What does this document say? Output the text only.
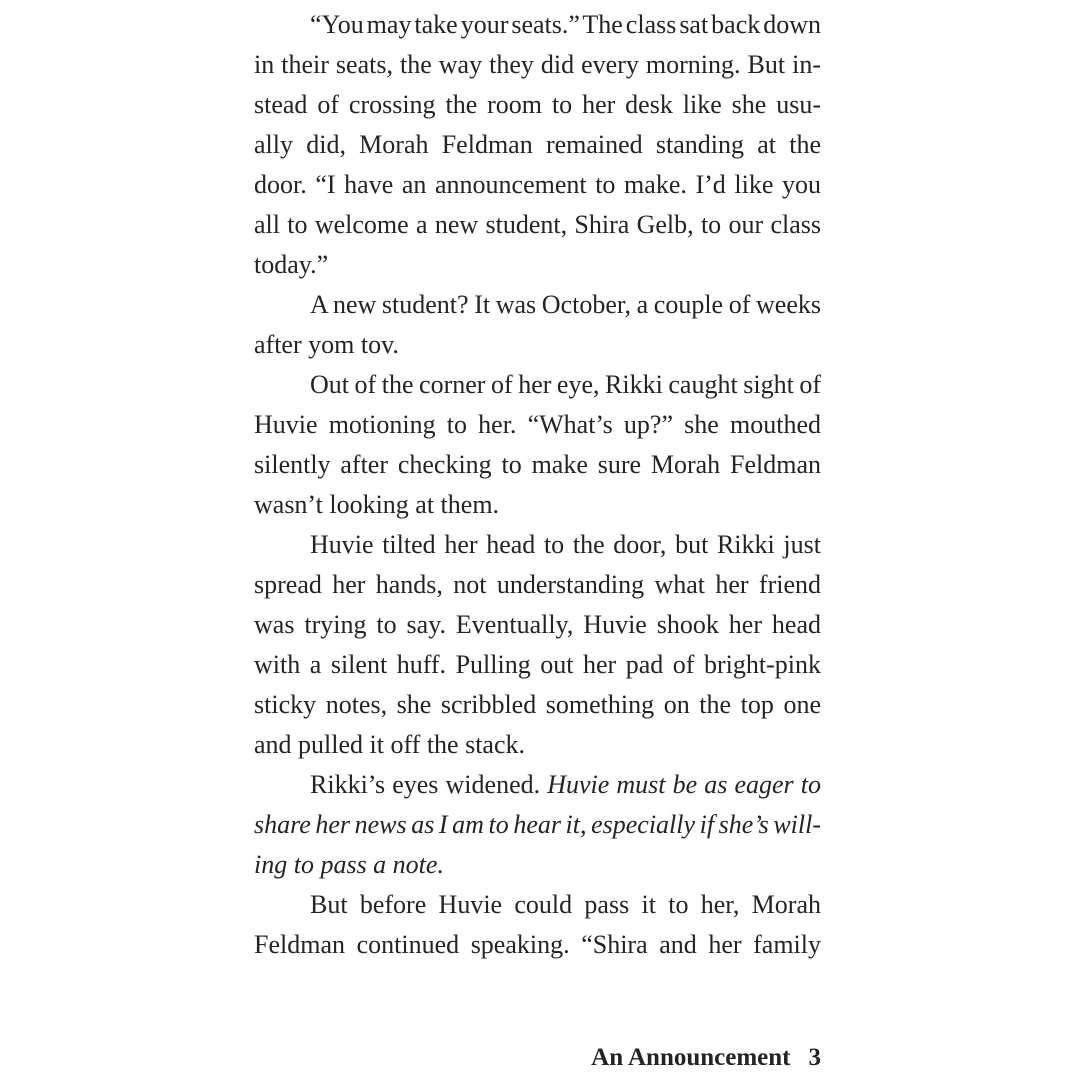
“You may take your seats.” The class sat back down
in their seats, the way they did every morning. But in-
stead of crossing the room to her desk like she usu-
ally did, Morah Feldman remained standing at the
door. “I have an announcement to make. I’d like you
all to welcome a new student, Shira Gelb, to our class
today.”
A new student? It was October, a couple of weeks
after yom tov.
Out of the corner of her eye, Rikki caught sight of
Huvie motioning to her. “What’s up?” she mouthed
silently after checking to make sure Morah Feldman
wasn’t looking at them.
Huvie tilted her head to the door, but Rikki just
spread her hands, not understanding what her friend
was trying to say. Eventually, Huvie shook her head
with a silent huff. Pulling out her pad of bright-pink
sticky notes, she scribbled something on the top one
and pulled it off the stack.
Rikki’s eyes widened. Huvie must be as eager to
share her news as I am to hear it, especially if she’s will-
ing to pass a note.
But before Huvie could pass it to her, Morah
Feldman continued speaking. “Shira and her family
An Announcement 3
